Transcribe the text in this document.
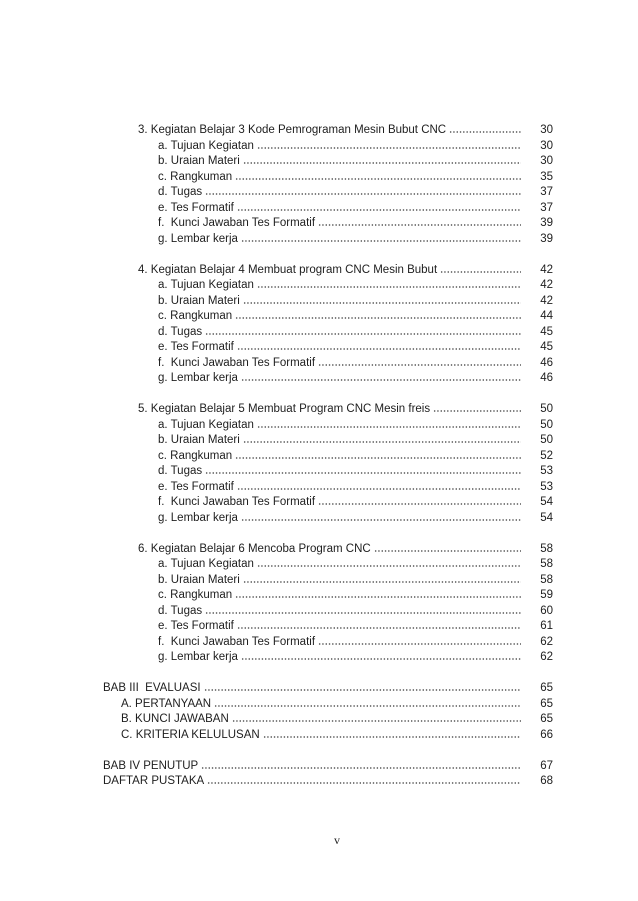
3. Kegiatan Belajar 3 Kode Pemrograman Mesin Bubut CNC	30
a. Tujuan Kegiatan	30
b. Uraian Materi	30
c. Rangkuman	35
d. Tugas	37
e. Tes Formatif	37
f.  Kunci Jawaban Tes Formatif	39
g. Lembar kerja	39
4. Kegiatan Belajar 4 Membuat program CNC Mesin Bubut	42
a. Tujuan Kegiatan	42
b. Uraian Materi	42
c. Rangkuman	44
d. Tugas	45
e. Tes Formatif	45
f.  Kunci Jawaban Tes Formatif	46
g. Lembar kerja	46
5. Kegiatan Belajar 5 Membuat Program CNC Mesin freis	50
a. Tujuan Kegiatan	50
b. Uraian Materi	50
c. Rangkuman	52
d. Tugas	53
e. Tes Formatif	53
f.  Kunci Jawaban Tes Formatif	54
g. Lembar kerja	54
6. Kegiatan Belajar 6 Mencoba Program CNC	58
a. Tujuan Kegiatan	58
b. Uraian Materi	58
c. Rangkuman	59
d. Tugas	60
e. Tes Formatif	61
f.  Kunci Jawaban Tes Formatif	62
g. Lembar kerja	62
BAB III  EVALUASI	65
A. PERTANYAAN	65
B. KUNCI JAWABAN	65
C. KRITERIA KELULUSAN	66
BAB IV PENUTUP	67
DAFTAR PUSTAKA	68
v
